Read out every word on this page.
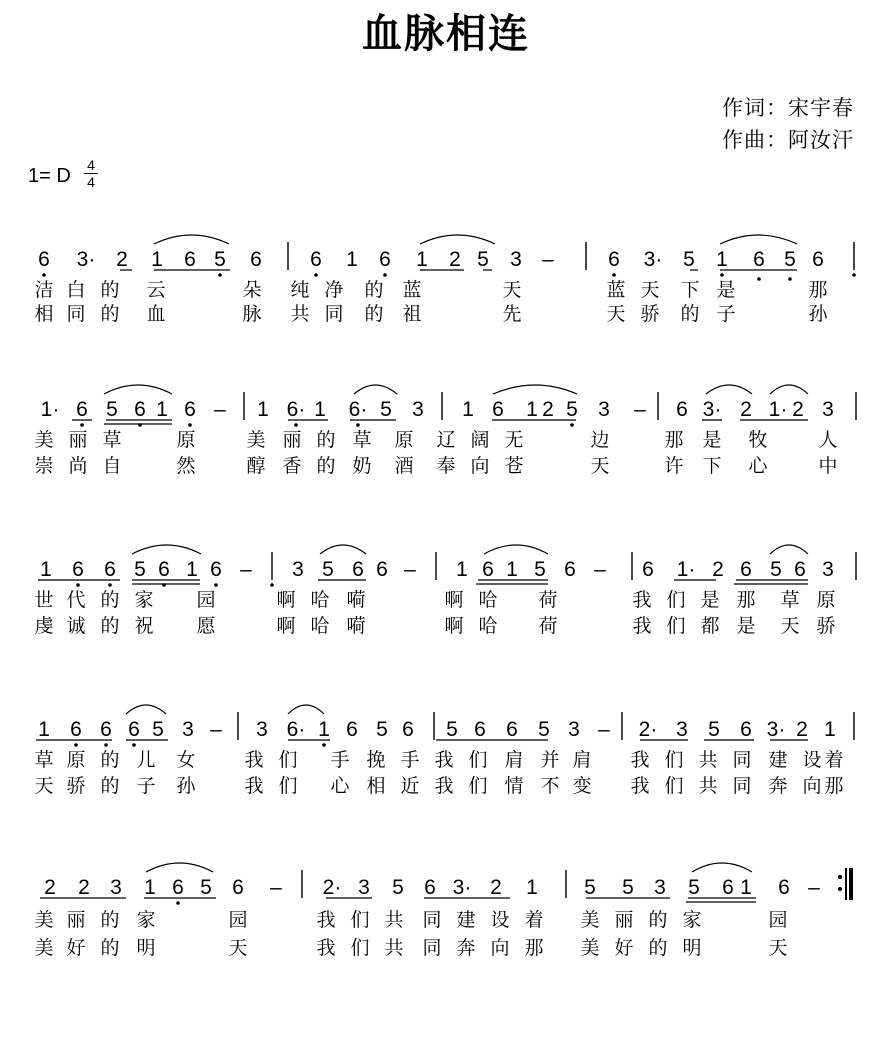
血脉相连
作词：宋宇春
作曲：阿汝汗
1= D 4
4
6 3· 2 1 6 5 6 6 1 6 1 2 5 3 –	6 3· 5 1 6 5 6
洁 白 的 云	朵 纯 净 的 蓝	天	蓝 天 下 是	那
相 同 的 血	脉 共 同 的 祖	先	天 骄 的 子	孙
1· 6 5 6 1 6 – 1 6· 1 6· 5 3 1 6 1 2 5 3 – 6 3· 2 1· 2 3
美 丽 草	原	美 丽 的 草 原 辽 阔 无	边	那 是 牧	人
崇 尚 自	然	醇 香 的 奶 酒 奉 向 苍	天	许 下 心	中
1 6 6 5 6 1 6 – 3 5 6 6 – 1 6 1 5 6 – 6 1· 2 6 5 6 3
世 代 的 家 园	啊 哈 嗬	啊 哈 荷	我 们 是 那 草 原
虔 诚 的 祝 愿	啊 哈 嗬	啊 哈 荷	我 们 都 是 天 骄
1 6 6 6 5 3 – 3 6· 1 6 5 6 5 6 6 5 3 – 2· 3 5 6 3· 2 1
草 原 的 儿 女	我 们 手 挽 手 我 们 肩 并 肩 我 们 共 同 建 设 着
天 骄 的 子 孙	我 们 心 相 近 我 们 情 不 变 我 们 共 同 奔 向 那
2 2 3 1 6 5 6 – 2· 3 5 6 3· 2 1 5 5 3 5 6 1 6 –
美 丽 的 家	园	我 们 共 同 建 设 着 美 丽 的 家	园
美 好 的 明	天	我 们 共 同 奔 向 那 美 好 的 明	天
